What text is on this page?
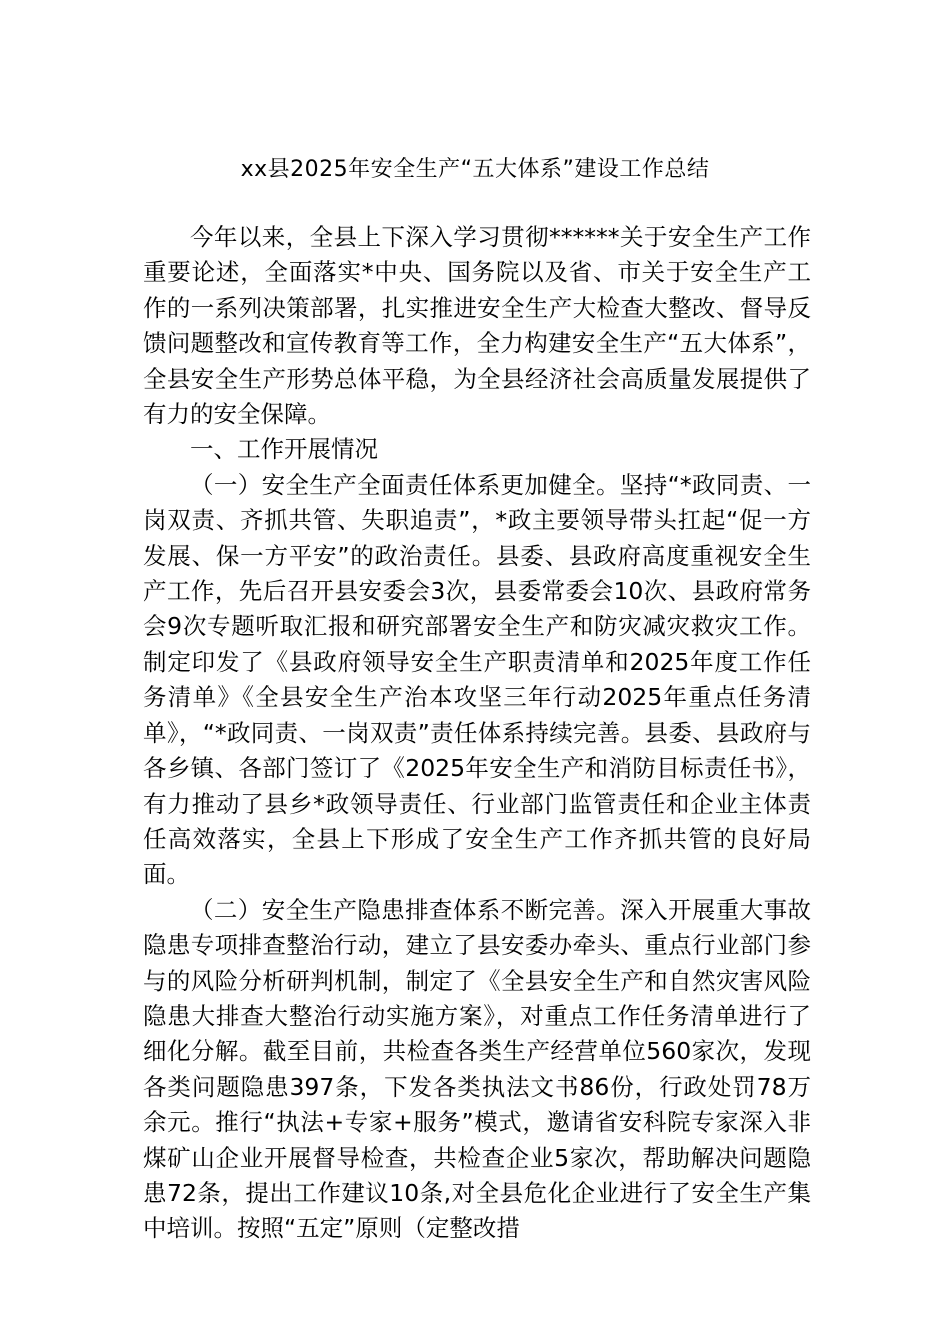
xx县2025年安全生产“五大体系”建设工作总结

今年以来，全县上下深入学习贯彻******关于安全生产工作重要论述，全面落实*中央、国务院以及省、市关于安全生产工作的一系列决策部署，扎实推进安全生产大检查大整改、督导反馈问题整改和宣传教育等工作，全力构建安全生产“五大体系”，全县安全生产形势总体平稳，为全县经济社会高质量发展提供了有力的安全保障。

一、工作开展情况

（一）安全生产全面责任体系更加健全。坚持“*政同责、一岗双责、齐抓共管、失职追责”，*政主要领导带头扛起“促一方发展、保一方平安”的政治责任。县委、县政府高度重视安全生产工作，先后召开县安委会3次，县委常委会10次、县政府常务会9次专题听取汇报和研究部署安全生产和防灾减灾救灾工作。制定印发了《县政府领导安全生产职责清单和2025年度工作任务清单》《全县安全生产治本攻坚三年行动2025年重点任务清单》，“*政同责、一岗双责”责任体系持续完善。县委、县政府与各乡镇、各部门签订了《2025年安全生产和消防目标责任书》，有力推动了县乡*政领导责任、行业部门监管责任和企业主体责任高效落实，全县上下形成了安全生产工作齐抓共管的良好局面。

（二）安全生产隐患排查体系不断完善。深入开展重大事故隐患专项排查整治行动，建立了县安委办牵头、重点行业部门参与的风险分析研判机制，制定了《全县安全生产和自然灾害风险隐患大排查大整治行动实施方案》，对重点工作任务清单进行了细化分解。截至目前，共检查各类生产经营单位560家次，发现各类问题隐患397条，下发各类执法文书86份，行政处罚78万余元。推行“执法+专家+服务”模式，邀请省安科院专家深入非煤矿山企业开展督导检查，共检查企业5家次，帮助解决问题隐患72条，提出工作建议10条,对全县危化企业进行了安全生产集中培训。按照“五定”原则（定整改措
